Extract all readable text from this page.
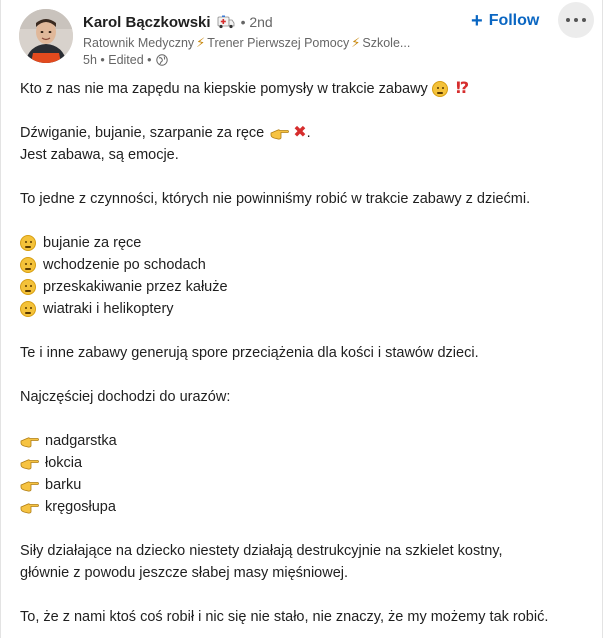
Karol Bączkowski • 2nd
Ratownik Medyczny ⚡ Trener Pierwszej Pomocy ⚡ Szkole...
5h • Edited •
+ Follow
Kto z nas nie ma zapędu na kiepskie pomysły w trakcie zabawy ⁉
Dźwiganie, bujanie, szarpanie za ręce ✖ .
Jest zabawa, są emocje.
To jedne z czynności, których nie powinniśmy robić w trakcie zabawy z dziećmi.
bujanie za ręce
wchodzenie po schodach
przeskakiwanie przez kałuże
wiatraki i helikoptery
Te i inne zabawy generują spore przeciążenia dla kości i stawów dzieci.
Najczęściej dochodzi do urazów:
nadgarstka
łokcia
barku
kręgosłupa
Siły działające na dziecko niestety działają destrukcyjnie na szkielet kostny,
głównie z powodu jeszcze słabej masy mięśniowej.
To, że z nami ktoś coś robił i nic się nie stało, nie znaczy, że my możemy tak robić.
